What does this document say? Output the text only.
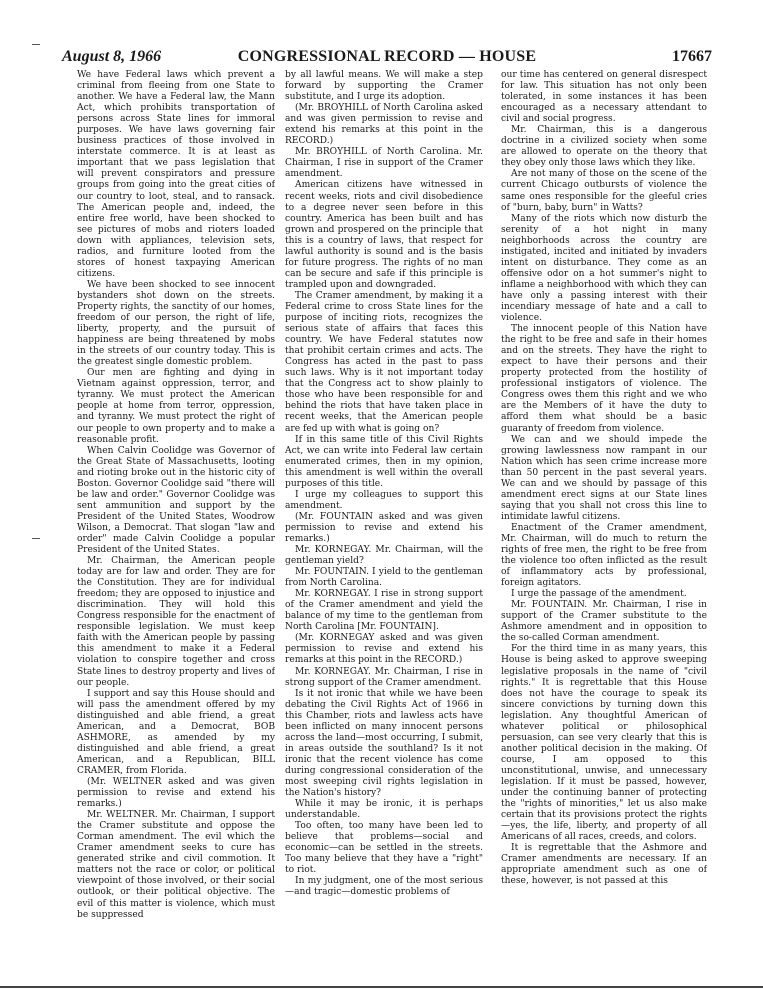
August 8, 1966	CONGRESSIONAL RECORD — HOUSE	17667

We have Federal laws which prevent a criminal from fleeing from one State to another. We have a Federal law, the Mann Act, which prohibits transportation of persons across State lines for immoral purposes. We have laws governing fair business practices of those involved in interstate commerce. It is at least as important that we pass legislation that will prevent conspirators and pressure groups from going into the great cities of our country to loot, steal, and to ransack. The American people and, indeed, the entire free world, have been shocked to see pictures of mobs and rioters loaded down with appliances, television sets, radios, and furniture looted from the stores of honest taxpaying American citizens.

We have been shocked to see innocent bystanders shot down on the streets. Property rights, the sanctity of our homes, freedom of our person, the right of life, liberty, property, and the pursuit of happiness are being threatened by mobs in the streets of our country today. This is the greatest single domestic problem.

Our men are fighting and dying in Vietnam against oppression, terror, and tyranny. We must protect the American people at home from terror, oppression, and tyranny. We must protect the right of our people to own property and to make a reasonable profit.

When Calvin Coolidge was Governor of the Great State of Massachusetts, looting and rioting broke out in the historic city of Boston. Governor Coolidge said "there will be law and order." Governor Coolidge was sent ammunition and support by the President of the United States, Woodrow Wilson, a Democrat. That slogan "law and order" made Calvin Coolidge a popular President of the United States.

Mr. Chairman, the American people today are for law and order. They are for the Constitution. They are for individual freedom; they are opposed to injustice and discrimination. They will hold this Congress responsible for the enactment of responsible legislation. We must keep faith with the American people by passing this amendment to make it a Federal violation to conspire together and cross State lines to destroy property and lives of our people.

I support and say this House should and will pass the amendment offered by my distinguished and able friend, a great American, and a Democrat, BOB ASHMORE, as amended by my distinguished and able friend, a great American, and a Republican, BILL CRAMER, from Florida.

(Mr. WELTNER asked and was given permission to revise and extend his remarks.)

Mr. WELTNER. Mr. Chairman, I support the Cramer substitute and oppose the Corman amendment. The evil which the Cramer amendment seeks to cure has generated strike and civil commotion. It matters not the race or color, or political viewpoint of those involved, or their social outlook, or their political objective. The evil of this matter is violence, which must be suppressed

by all lawful means. We will make a step forward by supporting the Cramer substitute, and I urge its adoption.

(Mr. BROYHILL of North Carolina asked and was given permission to revise and extend his remarks at this point in the RECORD.)

Mr. BROYHILL of North Carolina. Mr. Chairman, I rise in support of the Cramer amendment.

American citizens have witnessed in recent weeks, riots and civil disobedience to a degree never seen before in this country. America has been built and has grown and prospered on the principle that this is a country of laws, that respect for lawful authority is sound and is the basis for future progress. The rights of no man can be secure and safe if this principle is trampled upon and downgraded.

The Cramer amendment, by making it a Federal crime to cross State lines for the purpose of inciting riots, recognizes the serious state of affairs that faces this country. We have Federal statutes now that prohibit certain crimes and acts. The Congress has acted in the past to pass such laws. Why is it not important today that the Congress act to show plainly to those who have been responsible for and behind the riots that have taken place in recent weeks, that the American people are fed up with what is going on?

If in this same title of this Civil Rights Act, we can write into Federal law certain enumerated crimes, then in my opinion, this amendment is well within the overall purposes of this title.

I urge my colleagues to support this amendment.

(Mr. FOUNTAIN asked and was given permission to revise and extend his remarks.)

Mr. KORNEGAY. Mr. Chairman, will the gentleman yield?

Mr. FOUNTAIN. I yield to the gentleman from North Carolina.

Mr. KORNEGAY. I rise in strong support of the Cramer amendment and yield the balance of my time to the gentleman from North Carolina [Mr. FOUNTAIN].

(Mr. KORNEGAY asked and was given permission to revise and extend his remarks at this point in the RECORD.)

Mr. KORNEGAY. Mr. Chairman, I rise in strong support of the Cramer amendment.

Is it not ironic that while we have been debating the Civil Rights Act of 1966 in this Chamber, riots and lawless acts have been inflicted on many innocent persons across the land—most occurring, I submit, in areas outside the southland? Is it not ironic that the recent violence has come during congressional consideration of the most sweeping civil rights legislation in the Nation's history?

While it may be ironic, it is perhaps understandable.

Too often, too many have been led to believe that problems—social and economic—can be settled in the streets. Too many believe that they have a "right" to riot.

In my judgment, one of the most serious—and tragic—domestic problems of

our time has centered on general disrespect for law. This situation has not only been tolerated, in some instances it has been encouraged as a necessary attendant to civil and social progress.

Mr. Chairman, this is a dangerous doctrine in a civilized society when some are allowed to operate on the theory that they obey only those laws which they like.

Are not many of those on the scene of the current Chicago outbursts of violence the same ones responsible for the gleeful cries of "burn, baby, burn" in Watts?

Many of the riots which now disturb the serenity of a hot night in many neighborhoods across the country are instigated, incited and initiated by invaders intent on disturbance. They come as an offensive odor on a hot summer's night to inflame a neighborhood with which they can have only a passing interest with their incendiary message of hate and a call to violence.

The innocent people of this Nation have the right to be free and safe in their homes and on the streets. They have the right to expect to have their persons and their property protected from the hostility of professional instigators of violence. The Congress owes them this right and we who are the Members of it have the duty to afford them what should be a basic guaranty of freedom from violence.

We can and we should impede the growing lawlessness now rampant in our Nation which has seen crime increase more than 50 percent in the past several years. We can and we should by passage of this amendment erect signs at our State lines saying that you shall not cross this line to intimidate lawful citizens.

Enactment of the Cramer amendment, Mr. Chairman, will do much to return the rights of free men, the right to be free from the violence too often inflicted as the result of inflammatory acts by professional, foreign agitators.

I urge the passage of the amendment.

Mr. FOUNTAIN. Mr. Chairman, I rise in support of the Cramer substitute to the Ashmore amendment and in opposition to the so-called Corman amendment.

For the third time in as many years, this House is being asked to approve sweeping legislative proposals in the name of "civil rights." It is regrettable that this House does not have the courage to speak its sincere convictions by turning down this legislation. Any thoughtful American of whatever political or philosophical persuasion, can see very clearly that this is another political decision in the making. Of course, I am opposed to this unconstitutional, unwise, and unnecessary legislation. If it must be passed, however, under the continuing banner of protecting the "rights of minorities," let us also make certain that its provisions protect the rights—yes, the life, liberty, and property of all Americans of all races, creeds, and colors.

It is regrettable that the Ashmore and Cramer amendments are necessary. If an appropriate amendment such as one of these, however, is not passed at this
